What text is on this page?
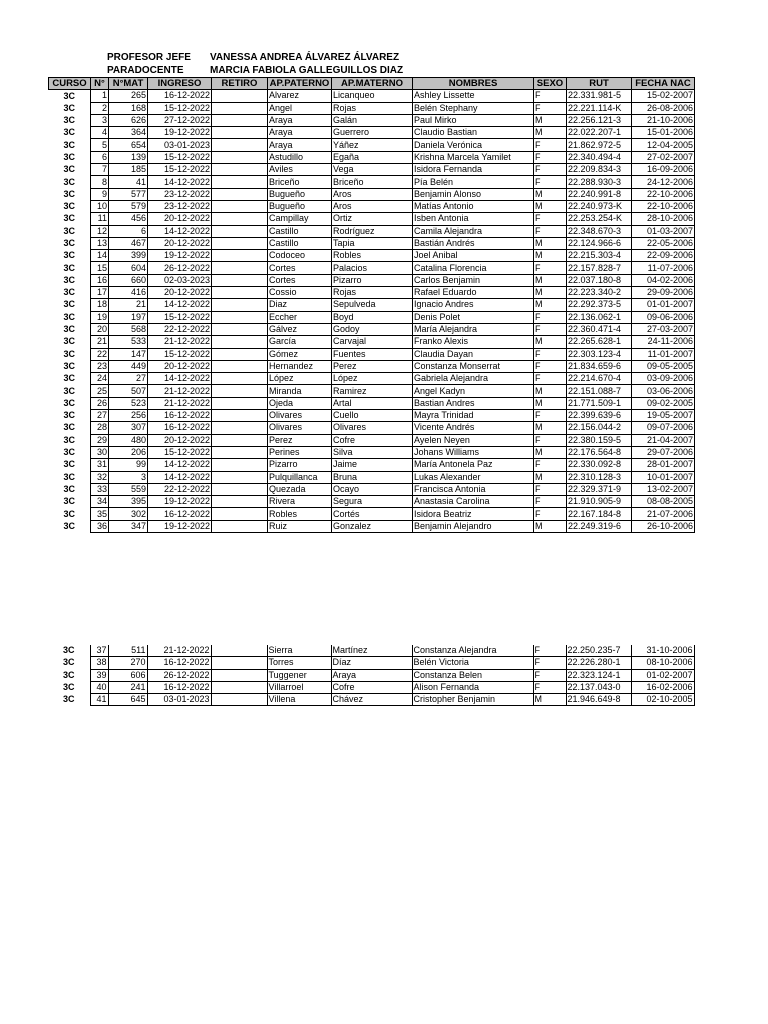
PROFESOR JEFE VANESSA ANDREA ÁLVAREZ ÁLVAREZ
PARADOCENTE	MARCIA FABIOLA GALLEGUILLOS DIAZ
CURSO	N°	N°MAT	INGRESO	RETIRO	AP.PATERNO	AP.MATERNO	NOMBRES	SEXO	RUT	FECHA NAC
3C	1	265	16-12-2022		Alvarez	Licanqueo	Ashley Lissette	F	22.331.981-5	15-02-2007
3C	2	168	15-12-2022		Angel	Rojas	Belén Stephany	F	22.221.114-K	26-08-2006
3C	3	626	27-12-2022		Araya	Galán	Paul Mirko	M	22.256.121-3	21-10-2006
3C	4	364	19-12-2022		Araya	Guerrero	Claudio Bastian	M	22.022.207-1	15-01-2006
3C	5	654	03-01-2023		Araya	Yáñez	Daniela Verónica	F	21.862.972-5	12-04-2005
3C	6	139	15-12-2022		Astudillo	Egaña	Krishna Marcela Yamilet	F	22.340.494-4	27-02-2007
3C	7	185	15-12-2022		Aviles	Vega	Isidora Fernanda	F	22.209.834-3	16-09-2006
3C	8	41	14-12-2022		Briceño	Briceño	Pía Belén	F	22.288.930-3	24-12-2006
3C	9	577	23-12-2022		Bugueño	Aros	Benjamin Alonso	M	22.240.991-8	22-10-2006
3C	10	579	23-12-2022		Bugueño	Aros	Matías Antonio	M	22.240.973-K	22-10-2006
3C	11	456	20-12-2022		Campillay	Ortiz	Isben Antonia	F	22.253.254-K	28-10-2006
3C	12	6	14-12-2022		Castillo	Rodríguez	Camila Alejandra	F	22.348.670-3	01-03-2007
3C	13	467	20-12-2022		Castillo	Tapia	Bastián Andrés	M	22.124.966-6	22-05-2006
3C	14	399	19-12-2022		Codoceo	Robles	Joel Anibal	M	22.215.303-4	22-09-2006
3C	15	604	26-12-2022		Cortes	Palacios	Catalina Florencia	F	22.157.828-7	11-07-2006
3C	16	660	02-03-2023		Cortes	Pizarro	Carlos Benjamin	M	22.037.180-8	04-02-2006
3C	17	416	20-12-2022		Cossio	Rojas	Rafael Eduardo	M	22.223.340-2	29-09-2006
3C	18	21	14-12-2022		Diaz	Sepulveda	Ignacio Andres	M	22.292.373-5	01-01-2007
3C	19	197	15-12-2022		Eccher	Boyd	Denis Polet	F	22.136.062-1	09-06-2006
3C	20	568	22-12-2022		Gálvez	Godoy	María Alejandra	F	22.360.471-4	27-03-2007
3C	21	533	21-12-2022		García	Carvajal	Franko Alexis	M	22.265.628-1	24-11-2006
3C	22	147	15-12-2022		Gómez	Fuentes	Claudia Dayan	F	22.303.123-4	11-01-2007
3C	23	449	20-12-2022		Hernandez	Perez	Constanza Monserrat	F	21.834.659-6	09-05-2005
3C	24	27	14-12-2022		López	López	Gabriela Alejandra	F	22.214.670-4	03-09-2006
3C	25	507	21-12-2022		Miranda	Ramirez	Angel Kadyn	M	22.151.088-7	03-06-2006
3C	26	523	21-12-2022		Ojeda	Artal	Bastian Andres	M	21.771.509-1	09-02-2005
3C	27	256	16-12-2022		Olivares	Cuello	Mayra Trinidad	F	22.399.639-6	19-05-2007
3C	28	307	16-12-2022		Olivares	Olivares	Vicente Andrés	M	22.156.044-2	09-07-2006
3C	29	480	20-12-2022		Perez	Cofre	Ayelen Neyen	F	22.380.159-5	21-04-2007
3C	30	206	15-12-2022		Perines	Silva	Johans Williams	M	22.176.564-8	29-07-2006
3C	31	99	14-12-2022		Pizarro	Jaime	María Antonela Paz	F	22.330.092-8	28-01-2007
3C	32	3	14-12-2022		Pulquillanca	Bruna	Lukas Alexander	M	22.310.128-3	10-01-2007
3C	33	559	22-12-2022		Quezada	Ocayo	Francisca Antonia	F	22.329.371-9	13-02-2007
3C	34	395	19-12-2022		Rivera	Segura	Anastasia Carolina	F	21.910.905-9	08-08-2005
3C	35	302	16-12-2022		Robles	Cortés	Isidora Beatriz	F	22.167.184-8	21-07-2006
3C	36	347	19-12-2022		Ruiz	Gonzalez	Benjamin Alejandro	M	22.249.319-6	26-10-2006
3C	37	511	21-12-2022		Sierra	Martínez	Constanza Alejandra	F	22.250.235-7	31-10-2006
3C	38	270	16-12-2022		Torres	Díaz	Belén Victoria	F	22.226.280-1	08-10-2006
3C	39	606	26-12-2022		Tuggener	Araya	Constanza Belen	F	22.323.124-1	01-02-2007
3C	40	241	16-12-2022		Villarroel	Cofre	Alison Fernanda	F	22.137.043-0	16-02-2006
3C	41	645	03-01-2023		Villena	Chávez	Cristopher Benjamin	M	21.946.649-8	02-10-2005
